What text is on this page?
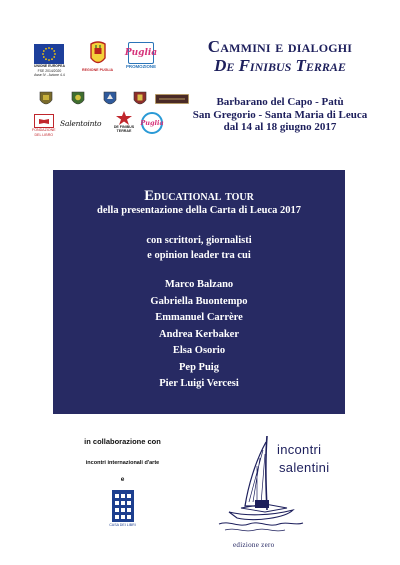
UNIONE EUROPEA
FSE 2014/2020
Asse IV - Azione 4.4
REGIONE PUGLIA
Puglia
PROMOZIONE
FONDAZIONE
DEL LIBRO
Salentointo	DE FINIBUS TERRAE
Puglia
Cammini e dialoghi
De Finibus Terrae
Barbarano del Capo - Patù
San Gregorio - Santa Maria di Leuca
dal 14 al 18 giugno 2017
Educational tour
della presentazione della Carta di Leuca 2017
con scrittori, giornalisti
e opinion leader tra cui
Marco Balzano
Gabriella Buontempo
Emmanuel Carrère
Andrea Kerbaker
Elsa Osorio
Pep Puig
Pier Luigi Vercesi
in collaborazione con
incontri internazionali d'arte
e
CASA DEI LIBRI
incontri
salentini
edizione zero
